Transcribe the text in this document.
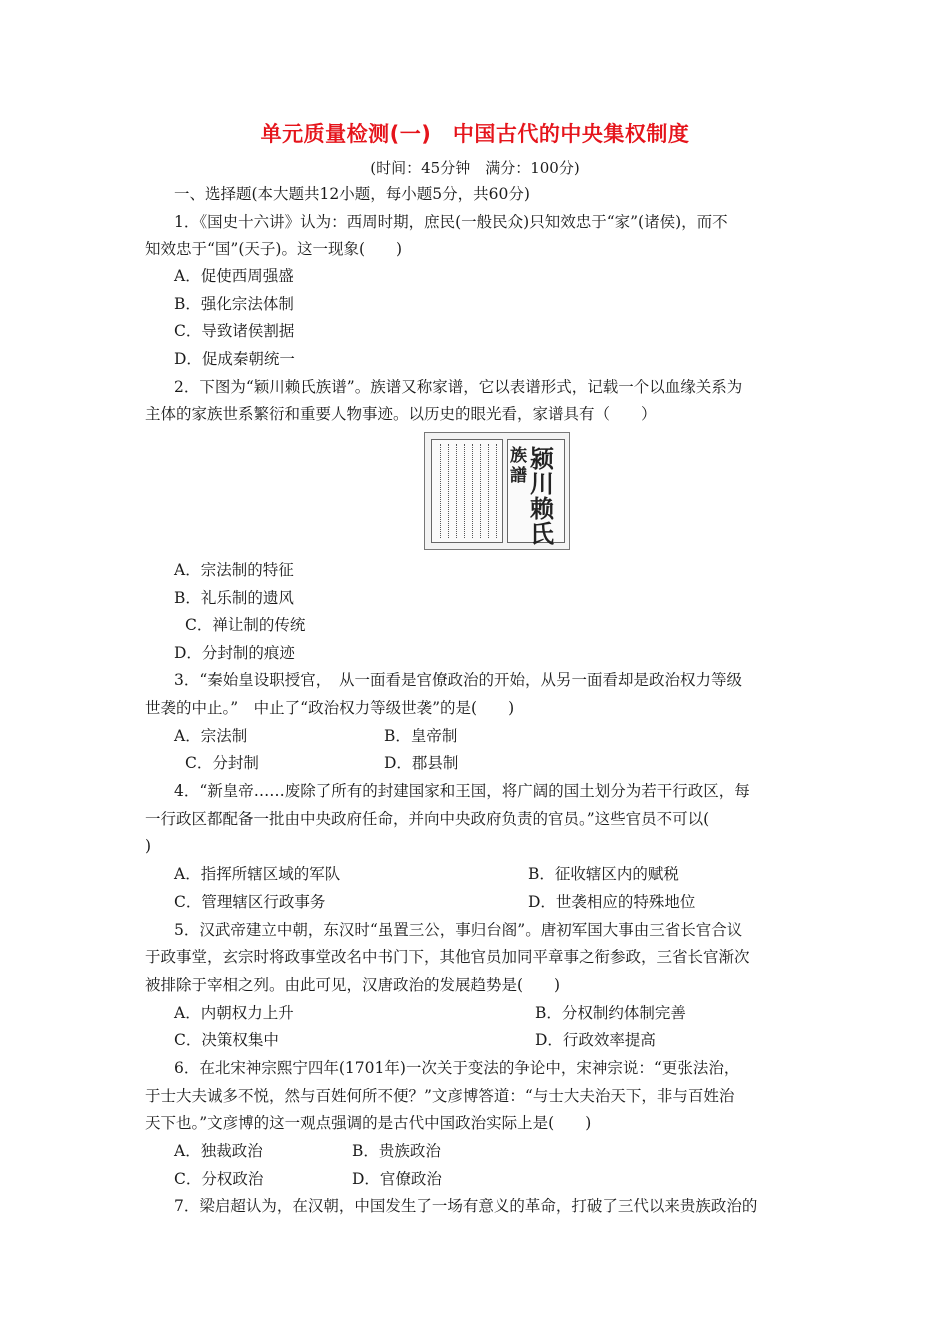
单元质量检测(一)　中国古代的中央集权制度
(时间：45分钟　满分：100分)
一、选择题(本大题共12小题，每小题5分，共60分)
1．《国史十六讲》认为：西周时期，庶民(一般民众)只知效忠于“家”(诸侯)，而不
知效忠于“国”(天子)。这一现象(　　)
A．促使西周强盛
B．强化宗法体制
C．导致诸侯割据
D．促成秦朝统一
2．下图为“颖川赖氏族谱”。族谱又称家谱，它以表谱形式，记载一个以血缘关系为
主体的家族世系繁衍和重要人物事迹。以历史的眼光看，家谱具有（　　）
族譜
颍川赖氏
A．宗法制的特征
B．礼乐制的遗风
C．禅让制的传统
D．分封制的痕迹
3．“秦始皇设职授官，　从一面看是官僚政治的开始，从另一面看却是政治权力等级
世袭的中止。”　中止了“政治权力等级世袭”的是(　　)
A．宗法制	B．皇帝制
C．分封制	D．郡县制
4．“新皇帝……废除了所有的封建国家和王国，将广阔的国土划分为若干行政区，每
一行政区都配备一批由中央政府任命，并向中央政府负责的官员。”这些官员不可以(
)
A．指挥所辖区域的军队	B．征收辖区内的赋税
C．管理辖区行政事务	D．世袭相应的特殊地位
5．汉武帝建立中朝，东汉时“虽置三公，事归台阁”。唐初军国大事由三省长官合议
于政事堂，玄宗时将政事堂改名中书门下，其他官员加同平章事之衔参政，三省长官渐次
被排除于宰相之列。由此可见，汉唐政治的发展趋势是(　　)
A．内朝权力上升	B．分权制约体制完善
C．决策权集中	D．行政效率提高
6．在北宋神宗熙宁四年(1701年)一次关于变法的争论中，宋神宗说：“更张法治，
于士大夫诚多不悦，然与百姓何所不便？”文彦博答道：“与士大夫治天下，非与百姓治
天下也。”文彦博的这一观点强调的是古代中国政治实际上是(　　)
A．独裁政治	B．贵族政治
C．分权政治	D．官僚政治
7．梁启超认为，在汉朝，中国发生了一场有意义的革命，打破了三代以来贵族政治的
